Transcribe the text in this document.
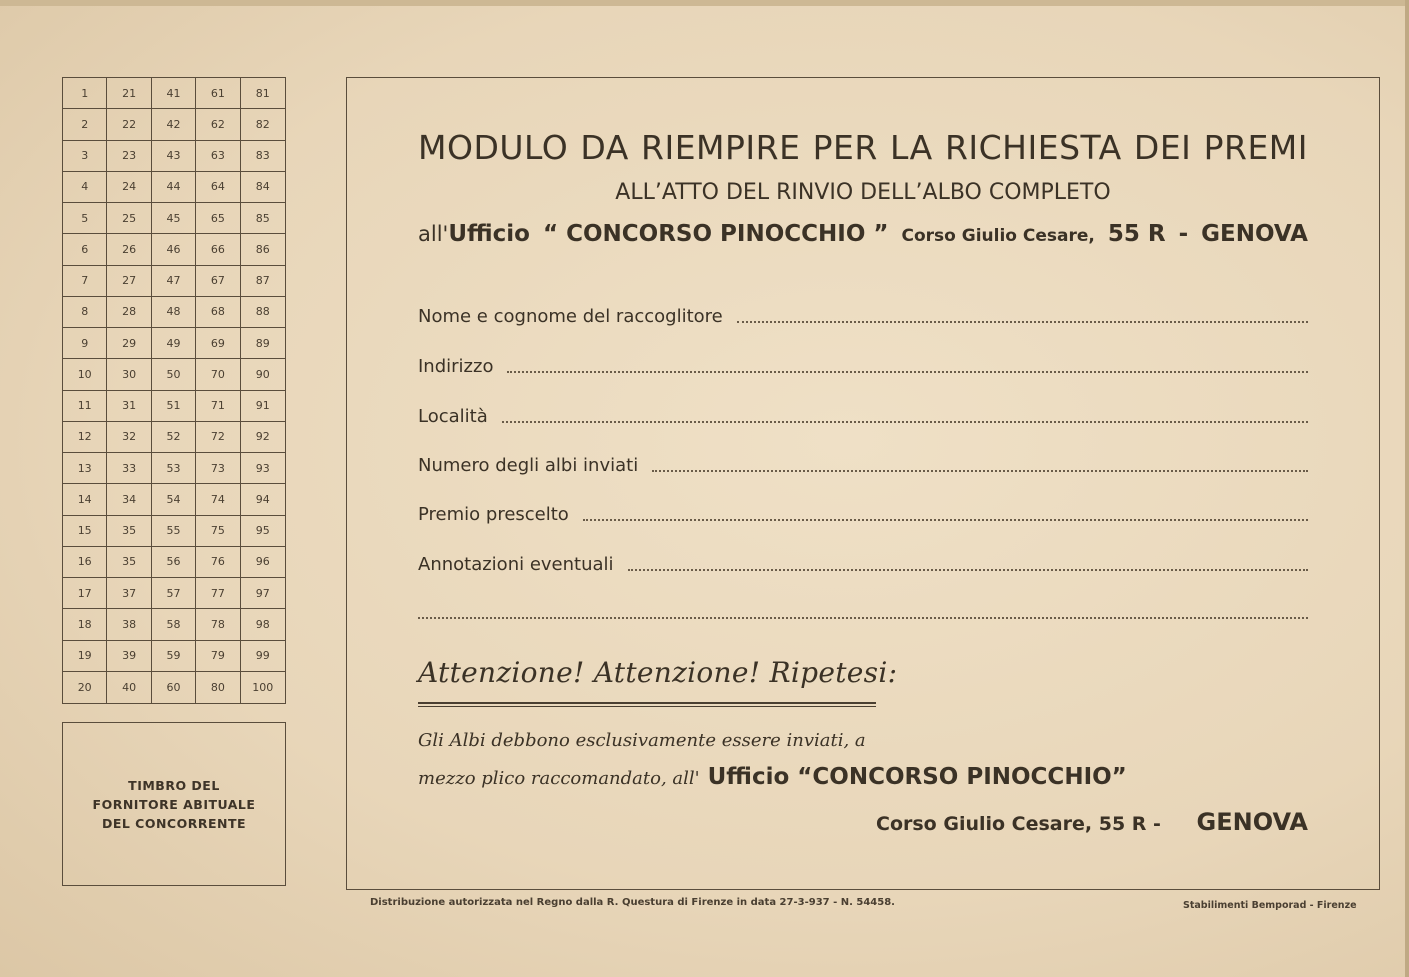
1	21	41	61	81
2	22	42	62	82
3	23	43	63	83
4	24	44	64	84
5	25	45	65	85
6	26	46	66	86
7	27	47	67	87
8	28	48	68	88
9	29	49	69	89
10	30	50	70	90
11	31	51	71	91
12	32	52	72	92
13	33	53	73	93
14	34	54	74	94
15	35	55	75	95
16	35	56	76	96
17	37	57	77	97
18	38	58	78	98
19	39	59	79	99
20	40	60	80	100
TIMBRO DEL
FORNITORE ABITUALE
DEL CONCORRENTE
MODULO DA RIEMPIRE PER LA RICHIESTA DEI PREMI
ALL’ATTO DEL RINVIO DELL’ALBO COMPLETO
all'Ufficio “ CONCORSO PINOCCHIO ” Corso Giulio Cesare, 55 R - GENOVA
Nome e cognome del raccoglitore
Indirizzo
Località
Numero degli albi inviati
Premio prescelto
Annotazioni eventuali
Attenzione! Attenzione! Ripetesi:
Gli Albi debbono esclusivamente essere inviati, a
mezzo plico raccomandato, all' Ufficio “CONCORSO PINOCCHIO”
Corso Giulio Cesare, 55 R - GENOVA
Distribuzione autorizzata nel Regno dalla R. Questura di Firenze in data 27-3-937 - N. 54458.	Stabilimenti Bemporad - Firenze
